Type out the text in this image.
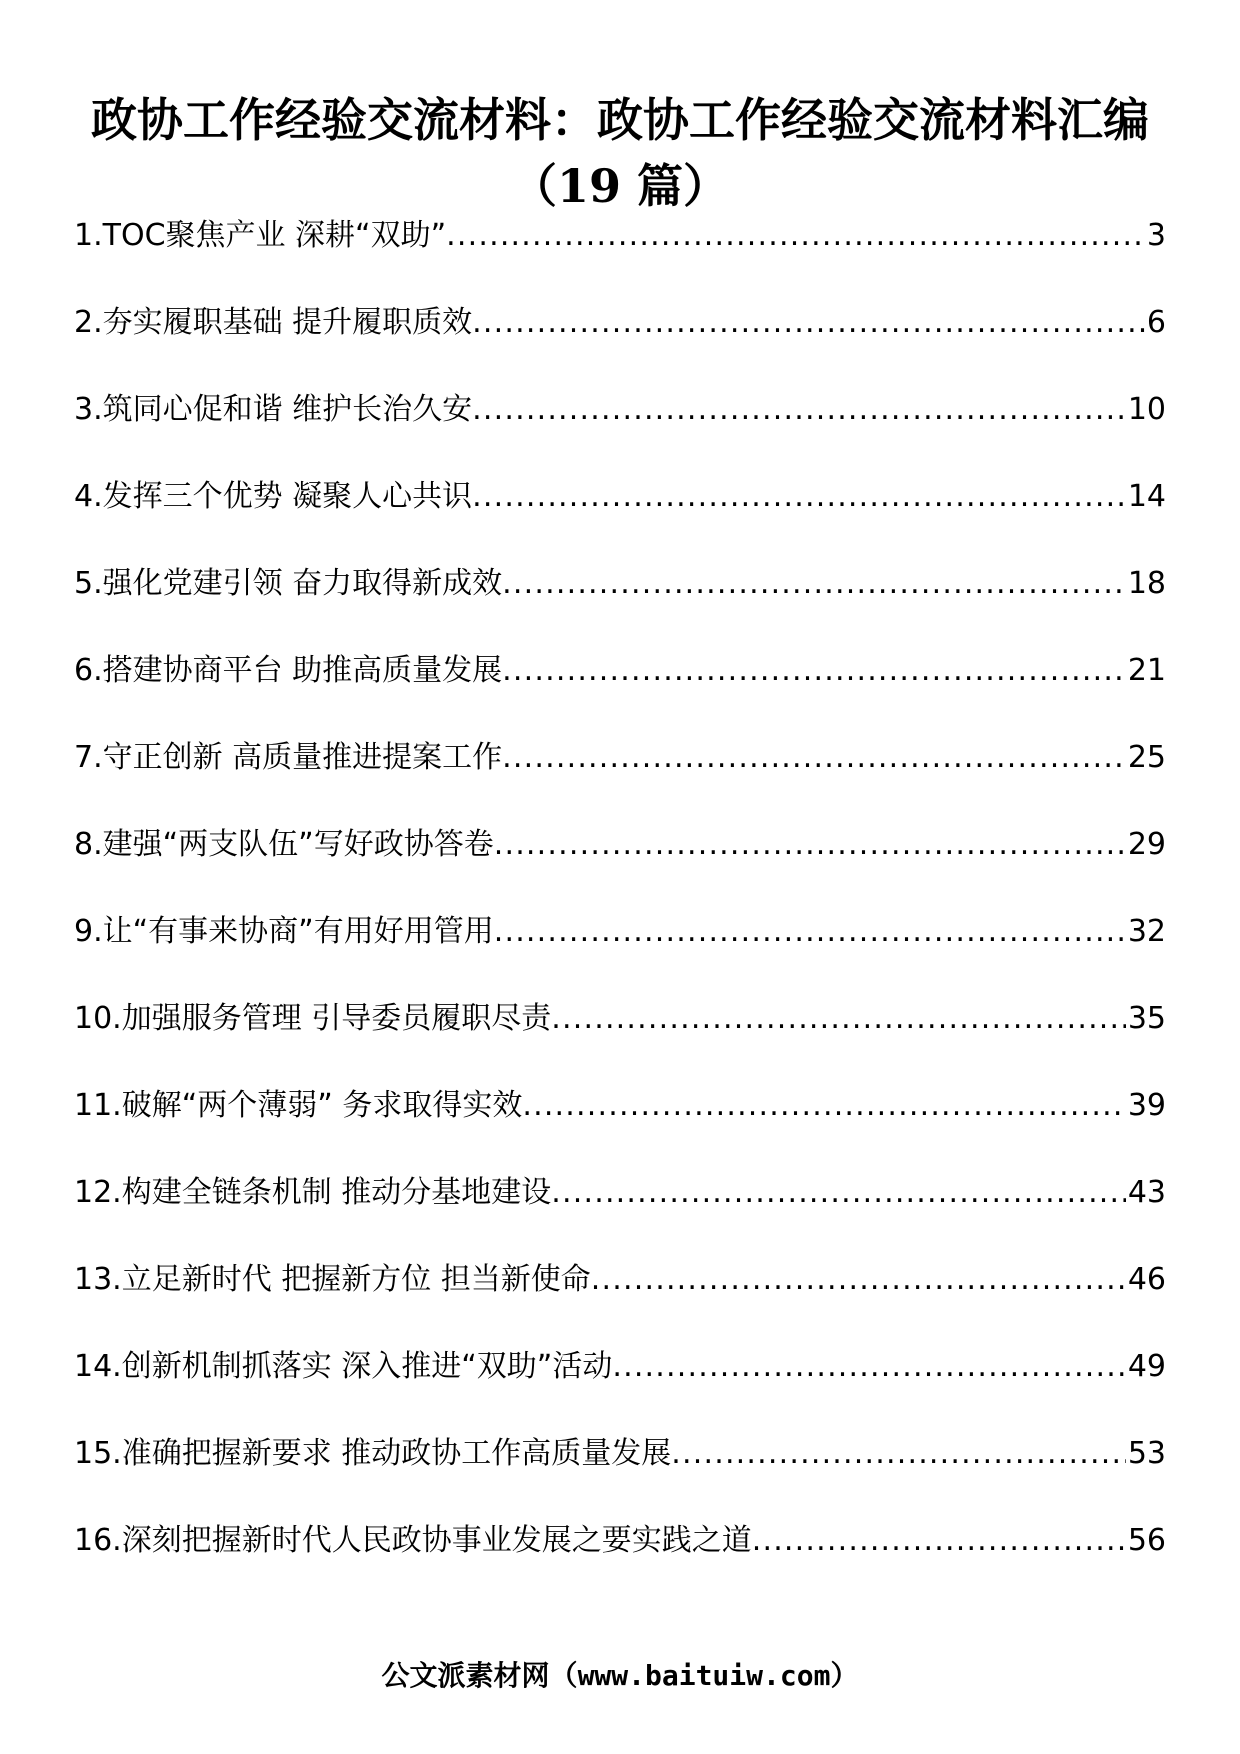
政协工作经验交流材料：政协工作经验交流材料汇编
（19 篇）
1. TOC聚焦产业 深耕“双助” .....	3
2. 夯实履职基础 提升履职质效 .....	6
3. 筑同心促和谐 维护长治久安 .....	10
4. 发挥三个优势 凝聚人心共识 .....	14
5. 强化党建引领 奋力取得新成效 .....	18
6. 搭建协商平台 助推高质量发展 .....	21
7. 守正创新 高质量推进提案工作 .....	25
8. 建强“两支队伍”写好政协答卷 .....	29
9. 让“有事来协商”有用好用管用 .....	32
10. 加强服务管理 引导委员履职尽责 .....	35
11. 破解“两个薄弱” 务求取得实效 .....	39
12. 构建全链条机制 推动分基地建设 .....	43
13. 立足新时代 把握新方位 担当新使命 .....	46
14. 创新机制抓落实 深入推进“双助”活动 .....	49
15. 准确把握新要求 推动政协工作高质量发展 .....	53
16. 深刻把握新时代人民政协事业发展之要实践之道 .....	56
公文派素材网（www.baituiw.com）
